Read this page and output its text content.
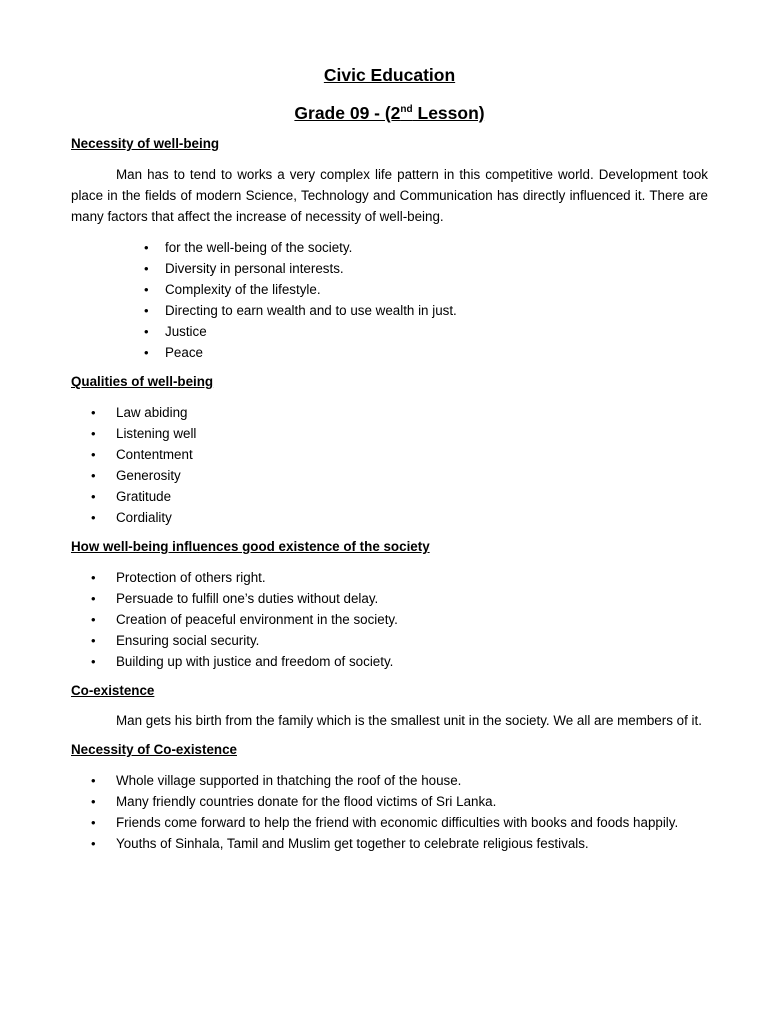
Civic Education
Grade 09 - (2nd Lesson)
Necessity of well-being

Man has to tend to works a very complex life pattern in this competitive world. Development took place in the fields of modern Science, Technology and Communication has directly influenced it. There are many factors that affect the increase of necessity of well-being.

• for the well-being of the society.
• Diversity in personal interests.
• Complexity of the lifestyle.
• Directing to earn wealth and to use wealth in just.
• Justice
• Peace
Qualities of well-being
• Law abiding
• Listening well
• Contentment
• Generosity
• Gratitude
• Cordiality
How well-being influences good existence of the society
• Protection of others right.
• Persuade to fulfill one’s duties without delay.
• Creation of peaceful environment in the society.
• Ensuring social security.
• Building up with justice and freedom of society.
Co-existence

Man gets his birth from the family which is the smallest unit in the society. We all are members of it.

Necessity of Co-existence
• Whole village supported in thatching the roof of the house.
• Many friendly countries donate for the flood victims of Sri Lanka.
• Friends come forward to help the friend with economic difficulties with books and foods happily.
• Youths of Sinhala, Tamil and Muslim get together to celebrate religious festivals.
